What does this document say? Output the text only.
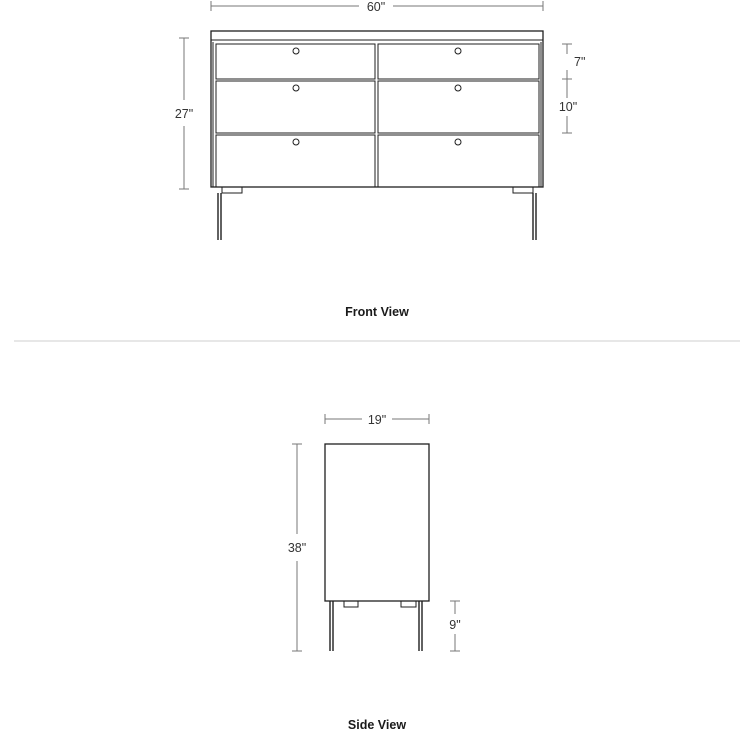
60"
27"
7"
10"
Front View
19"
38"
9"
Side View
